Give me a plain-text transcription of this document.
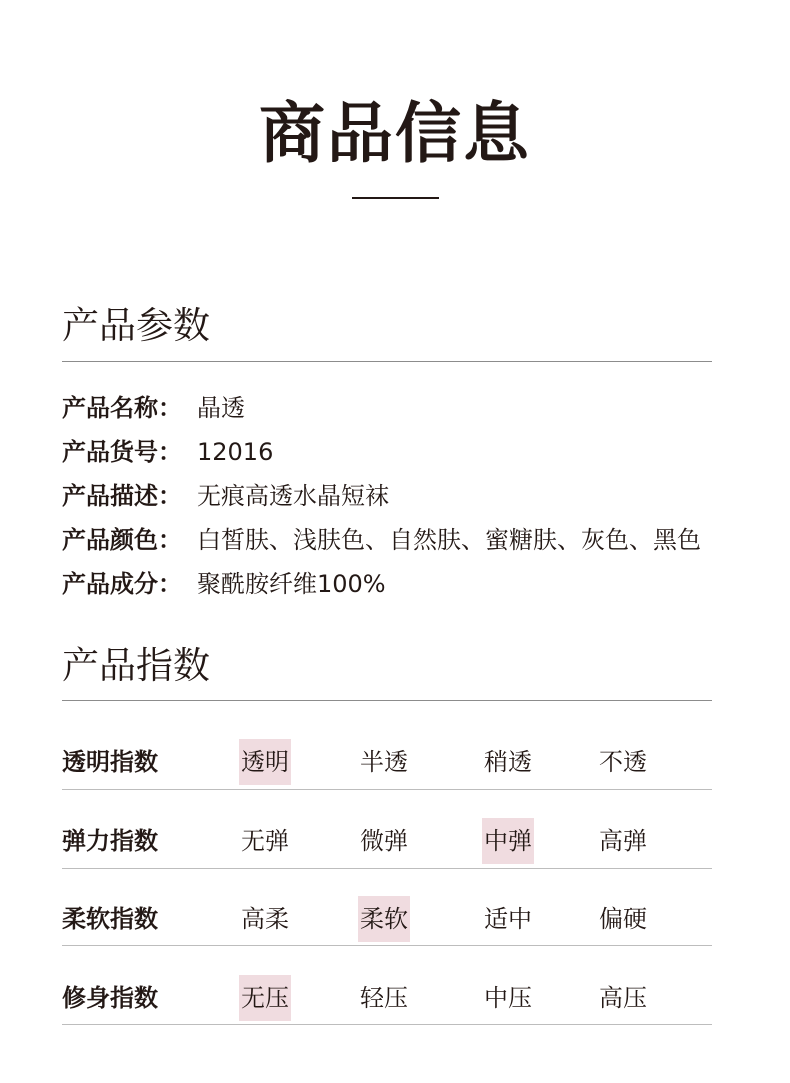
商品信息
产品参数
产品名称： 晶透
产品货号： 12016
产品描述： 无痕高透水晶短袜
产品颜色： 白皙肤、浅肤色、自然肤、蜜糖肤、灰色、黑色
产品成分： 聚酰胺纤维100%
产品指数
透明指数	透明	半透	稍透	不透
弹力指数	无弹	微弹	中弹	高弹
柔软指数	高柔	柔软	适中	偏硬
修身指数	无压	轻压	中压	高压
